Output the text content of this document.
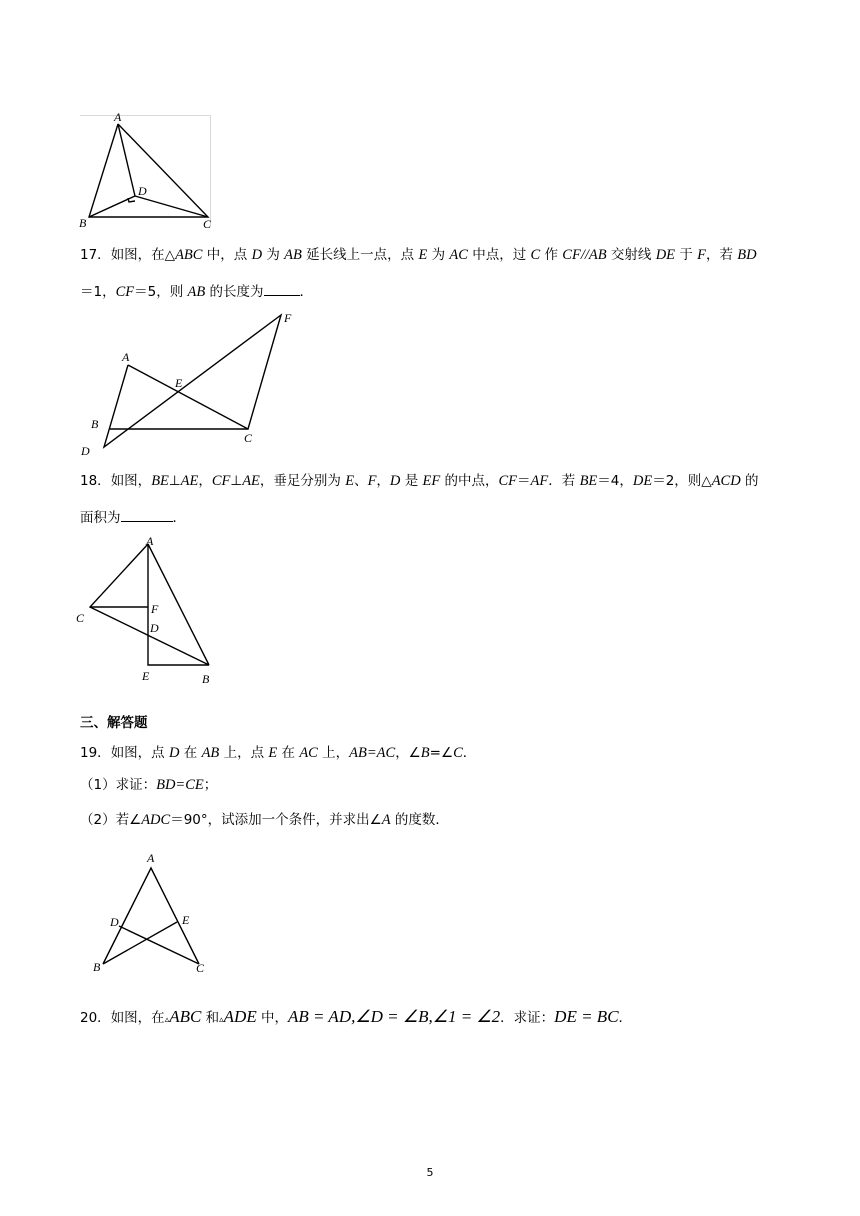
A
D
B	C
17．如图，在△ABC 中，点 D 为 AB 延长线上一点，点 E 为 AC 中点，过 C 作 CF//AB 交射线 DE 于 F，若 BD
＝1，CF＝5，则 AB 的长度为	．
F
A
E
B
C
D
18．如图，BE⊥AE，CF⊥AE，垂足分别为 E、F，D 是 EF 的中点，CF＝AF．若 BE＝4，DE＝2，则△ACD 的
面积为	．
A
C
F
D
E	B
三、解答题
19．如图，点 D 在 AB 上，点 E 在 AC 上，AB=AC，∠B=∠C．
（1）求证：BD=CE；
（2）若∠ADC＝90°，试添加一个条件，并求出∠A 的度数．
A
D	E
B	C
20．如图，在▵ABC 和▵ADE 中，AB = AD,∠D = ∠B,∠1 = ∠2．求证：DE = BC．
5
